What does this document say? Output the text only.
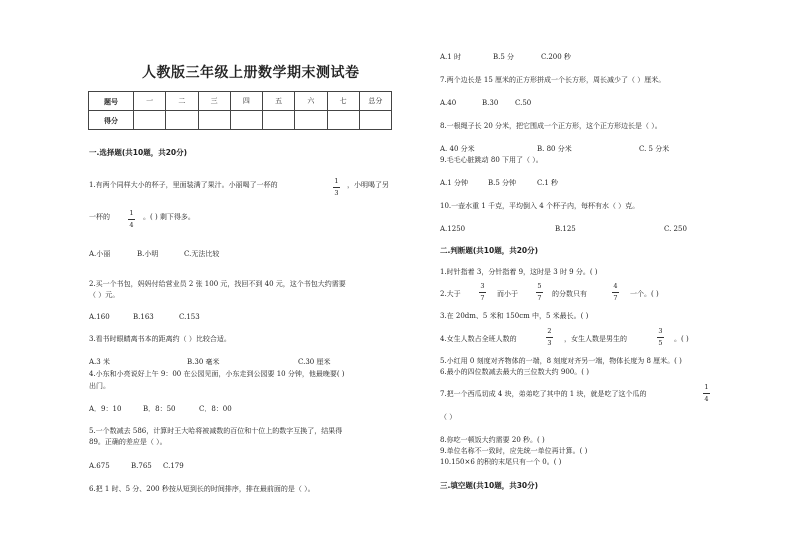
人教版三年级上册数学期末测试卷
题号	一	二	三	四	五	六	七	总分
得分								
一.选择题(共10题，共20分)
1.有两个同样大小的杯子，里面装满了果汁。小丽喝了一杯的	1
3
，小明喝了另
一杯的	1
4
。( ) 剩下得多。
A.小丽	B.小明	C.无法比较
2.买一个书包，妈妈付给营业员 2 张 100 元，找回不到 40 元，这个书包大约需要
（ ）元。
A.160	B.163	C.153
3.看书时眼睛离书本的距离约（ ）比较合适。
A.3 米	B.30 毫米	C.30 厘米
4.小东和小亮说好上午 9：00 在公园见面，小东走到公园要 10 分钟，他最晚要( )
出门。
A．9：10	B．8：50	C．8：00
5.一个数减去 586，计算时王大哈将被减数的百位和十位上的数字互换了，结果得
89。正确的差应是（ ）。
A.675	B.765 C.179
6.把 1 时、5 分、200 秒按从短到长的时间排序，排在最前面的是（ ）。
A.1 时	B.5 分	C.200 秒
7.两个边长是 15 厘米的正方形拼成一个长方形，周长减少了（ ）厘米。
A.40	B.30 C.50
8.一根绳子长 20 分米，把它围成一个正方形，这个正方形边长是（ ）。
A. 40 分米	B. 80 分米	C. 5 分米
9.毛毛心脏跳动 80 下用了（ ）。
A.1 分钟	B.5 分钟	C.1 秒
10.一壶水重 1 千克，平均倒入 4 个杯子内，每杯有水（ ）克。
A.1250	B.125	C. 250
二.判断题(共10题，共20分)
1.时针指着 3，分针指着 9，这时是 3 时 9 分。( )
2.大于
3
7 而小于
5
7 的分数只有
4
7 一个。( )
3.在 20dm、5 米和 150cm 中，5 米最长。( )
4.女生人数占全班人数的
2
3 ，女生人数是男生的
3
5 。( )
5.小红用 0 刻度对齐物体的一端，8 刻度对齐另一端，物体长度为 8 厘米。( )
6.最小的四位数减去最大的三位数大约 900。( )
7.把一个西瓜切成 4 块，弟弟吃了其中的 1 块，就是吃了这个瓜的
1
4
（ ）
8.你吃一顿饭大约需要 20 秒。( )
9.单位名称不一致时，应先统一单位再计算。( )
10.150×6 的积的末尾只有一个 0。( )
三.填空题(共10题，共30分)
